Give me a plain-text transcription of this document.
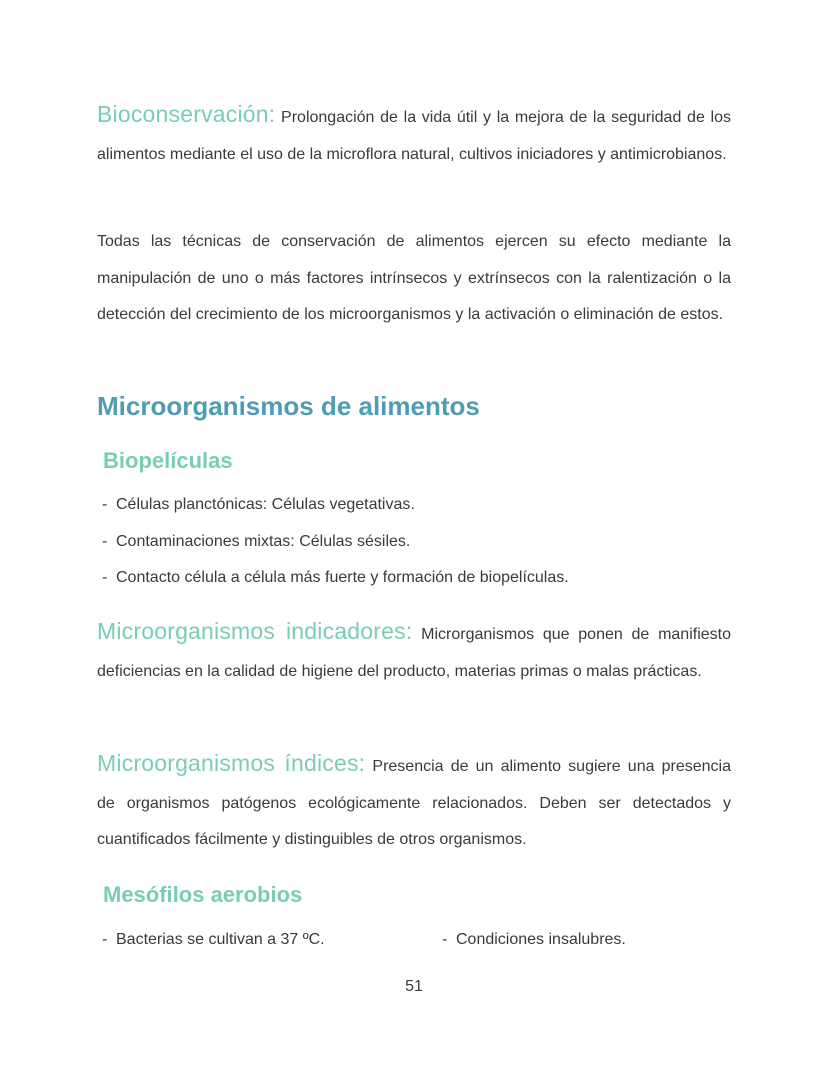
Bioconservación: Prolongación de la vida útil y la mejora de la seguridad de los alimentos mediante el uso de la microflora natural, cultivos iniciadores y antimicrobianos.

Todas las técnicas de conservación de alimentos ejercen su efecto mediante la manipulación de uno o más factores intrínsecos y extrínsecos con la ralentización o la detección del crecimiento de los microorganismos y la activación o eliminación de estos.

Microorganismos de alimentos
Biopelículas
- Células planctónicas: Células vegetativas.
- Contaminaciones mixtas: Células sésiles.
- Contacto célula a célula más fuerte y formación de biopelículas.

Microorganismos indicadores: Microrganismos que ponen de manifiesto deficiencias en la calidad de higiene del producto, materias primas o malas prácticas.

Microorganismos índices: Presencia de un alimento sugiere una presencia de organismos patógenos ecológicamente relacionados. Deben ser detectados y cuantificados fácilmente y distinguibles de otros organismos.

Mesófilos aerobios
- Bacterias se cultivan a 37 ºC.	- Condiciones insalubres.
51
